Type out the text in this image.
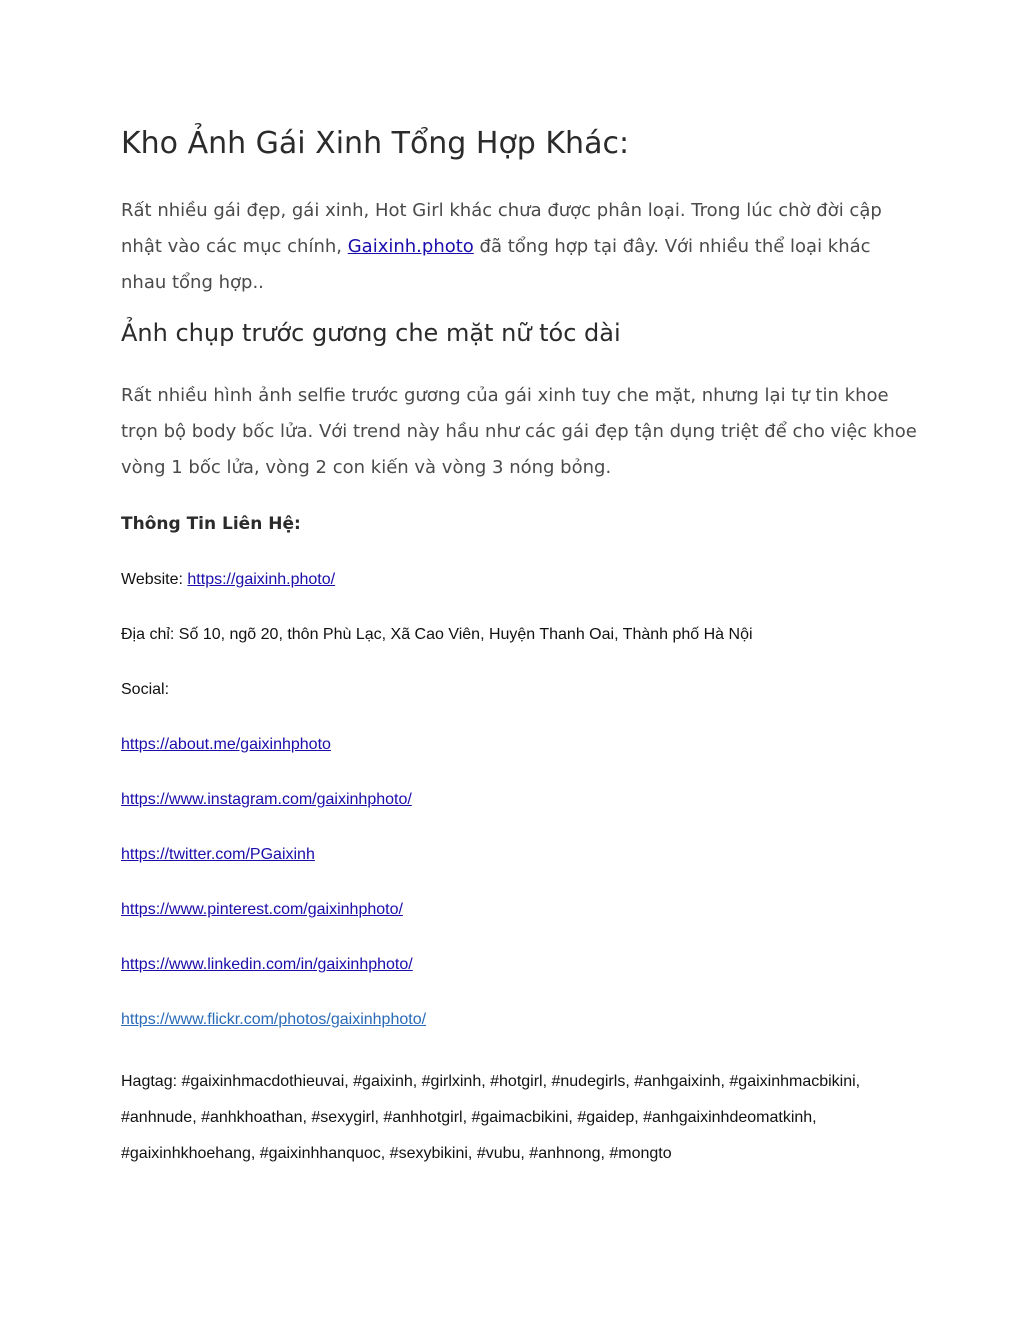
Kho Ảnh Gái Xinh Tổng Hợp Khác:

Rất nhiều gái đẹp, gái xinh, Hot Girl khác chưa được phân loại. Trong lúc chờ đời cập nhật vào các mục chính, Gaixinh.photo đã tổng hợp tại đây. Với nhiều thể loại khác nhau tổng hợp..

Ảnh chụp trước gương che mặt nữ tóc dài

Rất nhiều hình ảnh selfie trước gương của gái xinh tuy che mặt, nhưng lại tự tin khoe trọn bộ body bốc lửa. Với trend này hầu như các gái đẹp tận dụng triệt để cho việc khoe vòng 1 bốc lửa, vòng 2 con kiến và vòng 3 nóng bỏng.

Thông Tin Liên Hệ:

Website: https://gaixinh.photo/

Địa chỉ: Số 10, ngõ 20, thôn Phù Lạc, Xã Cao Viên, Huyện Thanh Oai, Thành phố Hà Nội

Social:

https://about.me/gaixinhphoto

https://www.instagram.com/gaixinhphoto/

https://twitter.com/PGaixinh

https://www.pinterest.com/gaixinhphoto/

https://www.linkedin.com/in/gaixinhphoto/

https://www.flickr.com/photos/gaixinhphoto/

Hagtag: #gaixinhmacdothieuvai, #gaixinh, #girlxinh, #hotgirl, #nudegirls, #anhgaixinh, #gaixinhmacbikini, #anhnude, #anhkhoathan, #sexygirl, #anhhotgirl, #gaimacbikini, #gaidep, #anhgaixinhdeomatkinh, #gaixinhkhoehang, #gaixinhhanquoc, #sexybikini, #vubu, #anhnong, #mongto
